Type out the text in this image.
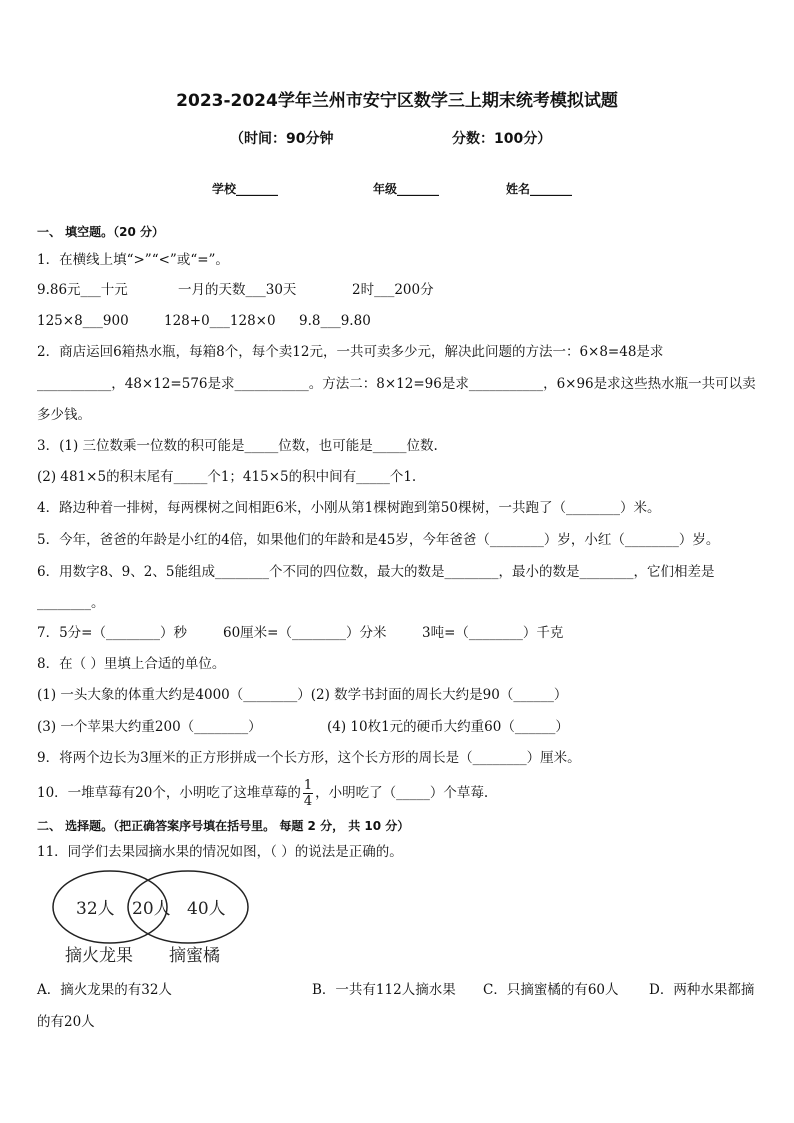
2023-2024学年兰州市安宁区数学三上期末统考模拟试题
（时间：90分钟	分数：100分）
学校_______	年级_______	姓名_______
一、 填空题。（20 分）
1．在横线上填“>”“<”或“=”。
9.86元___十元	一月的天数___30天	2时___200分
125×8___900	128+0___128×0 9.8___9.80
2．商店运回6箱热水瓶，每箱8个，每个卖12元，一共可卖多少元，解决此问题的方法一：6×8=48是求
___________，48×12=576是求___________。方法二：8×12=96是求___________，6×96是求这些热水瓶一共可以卖
多少钱。
3．(1) 三位数乘一位数的积可能是_____位数，也可能是_____位数.
(2) 481×5的积末尾有_____个1；415×5的积中间有_____个1.
4．路边种着一排树，每两棵树之间相距6米，小刚从第1棵树跑到第50棵树，一共跑了（________）米。
5．今年，爸爸的年龄是小红的4倍，如果他们的年龄和是45岁，今年爸爸（________）岁，小红（________）岁。
6．用数字8、9、2、5能组成________个不同的四位数，最大的数是________，最小的数是________，它们相差是
________。
7．5分=（________）秒	60厘米=（________）分米	3吨=（________）千克
8．在（ ）里填上合适的单位。
(1) 一头大象的体重大约是4000（________）(2) 数学书封面的周长大约是90（______）
(3) 一个苹果大约重200（________）	(4) 10枚1元的硬币大约重60（______）
9．将两个边长为3厘米的正方形拼成一个长方形，这个长方形的周长是（________）厘米。
10．一堆草莓有20个，小明吃了这堆草莓的 $\frac{1}{4}$ ，小明吃了（_____）个草莓.
二、 选择题。（把正确答案序号填在括号里。 每题 2 分， 共 10 分）
11．同学们去果园摘水果的情况如图，（ ）的说法是正确的。
32人 20人 40人
摘火龙果 摘蜜橘
A．摘火龙果的有32人	B．一共有112人摘水果 C．只摘蜜橘的有60人 D．两种水果都摘
的有20人
